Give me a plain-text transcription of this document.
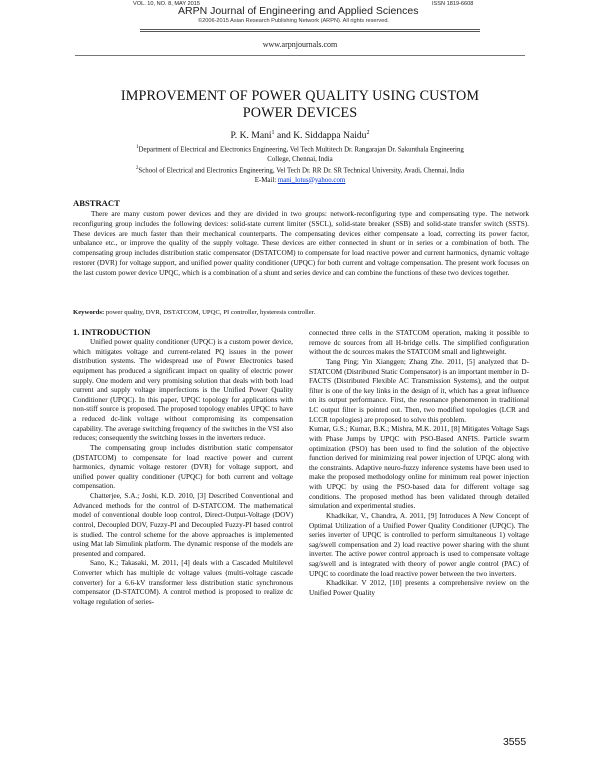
VOL. 10, NO. 8, MAY 2015	ISSN 1819-6608
ARPN Journal of Engineering and Applied Sciences
©2006-2015 Asian Research Publishing Network (ARPN). All rights reserved.
www.arpnjournals.com
IMPROVEMENT OF POWER QUALITY USING CUSTOM
POWER DEVICES
P. K. Mani$^1$ and K. Siddappa Naidu$^2$
$^1$Department of Electrical and Electronics Engineering, Vel Tech Multitech Dr. Rangarajan Dr. Sakunthala Engineering
College, Chennai, India
$^2$School of Electrical and Electronics Engineering, Vel Tech Dr. RR Dr. SR Technical University, Avadi, Chennai, India
E-Mail: mani_lotus@yahoo.com
ABSTRACT
There are many custom power devices and they are divided in two groups: network-reconfiguring type and compensating type. The network reconfiguring group includes the following devices: solid-state current limiter (SSCL), solid-state breaker (SSB) and solid-state transfer switch (SSTS). These devices are much faster than their mechanical counterparts. The compensating devices either compensate a load, correcting its power factor, unbalance etc., or improve the quality of the supply voltage. These devices are either connected in shunt or in series or a combination of both. The compensating group includes distribution static compensator (DSTATCOM) to compensate for load reactive power and current harmonics, dynamic voltage restorer (DVR) for voltage support, and unified power quality conditioner (UPQC) for both current and voltage compensation. The present work focuses on the last custom power device UPQC, which is a combination of a shunt and series device and can combine the functions of these two devices together.
Keywords: power quality, DVR, DSTATCOM, UPQC, PI controller, hysteresis controller.
1. INTRODUCTION

Unified power quality conditioner (UPQC) is a custom power device, which mitigates voltage and current-related PQ issues in the power distribution systems. The widespread use of Power Electronics based equipment has produced a significant impact on quality of electric power supply. One modern and very promising solution that deals with both load current and supply voltage imperfections is the Unified Power Quality Conditioner (UPQC). In this paper, UPQC topology for applications with non-stiff source is proposed. The proposed topology enables UPQC to have a reduced dc-link voltage without compromising its compensation capability. The average switching frequency of the switches in the VSI also reduces; consequently the switching losses in the inverters reduce.

The compensating group includes distribution static compensator (DSTATCOM) to compensate for load reactive power and current harmonics, dynamic voltage restorer (DVR) for voltage support, and unified power quality conditioner (UPQC) for both current and voltage compensation.

Chatterjee, S.A.; Joshi, K.D. 2010, [3] Described Conventional and Advanced methods for the control of D-STATCOM. The mathematical model of conventional double loop control, Direct-Output-Voltage (DOV) control, Decoupled DOV, Fuzzy-PI and Decoupled Fuzzy-PI based control is studied. The control scheme for the above approaches is implemented using Mat lab Simulink platform. The dynamic response of the models are presented and compared.

Sano, K.; Takasaki, M. 2011, [4] deals with a Cascaded Multilevel Converter which has multiple dc voltage values (multi-voltage cascade converter) for a 6.6-kV transformer less distribution static synchronous compensator (D-STATCOM). A control method is proposed to realize dc voltage regulation of series-

connected three cells in the STATCOM operation, making it possible to remove dc sources from all H-bridge cells. The simplified configuration without the dc sources makes the STATCOM small and lightweight.

Tang Ping; Yin Xianggen; Zhang Zhe. 2011, [5] analyzed that D-STATCOM (Distributed Static Compensator) is an important member in D-FACTS (Distributed Flexible AC Transmission Systems), and the output filter is one of the key links in the design of it, which has a great influence on its output performance. First, the resonance phenomenon in traditional LC output filter is pointed out. Then, two modified topologies (LCR and LCCR topologies) are proposed to solve this problem.

Kumar, G.S.; Kumar, B.K.; Mishra, M.K. 2011, [8] Mitigates Voltage Sags with Phase Jumps by UPQC with PSO-Based ANFIS. Particle swarm optimization (PSO) has been used to find the solution of the objective function derived for minimizing real power injection of UPQC along with the constraints. Adaptive neuro-fuzzy inference systems have been used to make the proposed methodology online for minimum real power injection with UPQC by using the PSO-based data for different voltage sag conditions. The proposed method has been validated through detailed simulation and experimental studies.

Khadkikar, V., Chandra, A. 2011, [9] Introduces A New Concept of Optimal Utilization of a Unified Power Quality Conditioner (UPQC). The series inverter of UPQC is controlled to perform simultaneous 1) voltage sag/swell compensation and 2) load reactive power sharing with the shunt inverter. The active power control approach is used to compensate voltage sag/swell and is integrated with theory of power angle control (PAC) of UPQC to coordinate the load reactive power between the two inverters.

Khadkikar. V 2012, [10] presents a comprehensive review on the Unified Power Quality

3555
